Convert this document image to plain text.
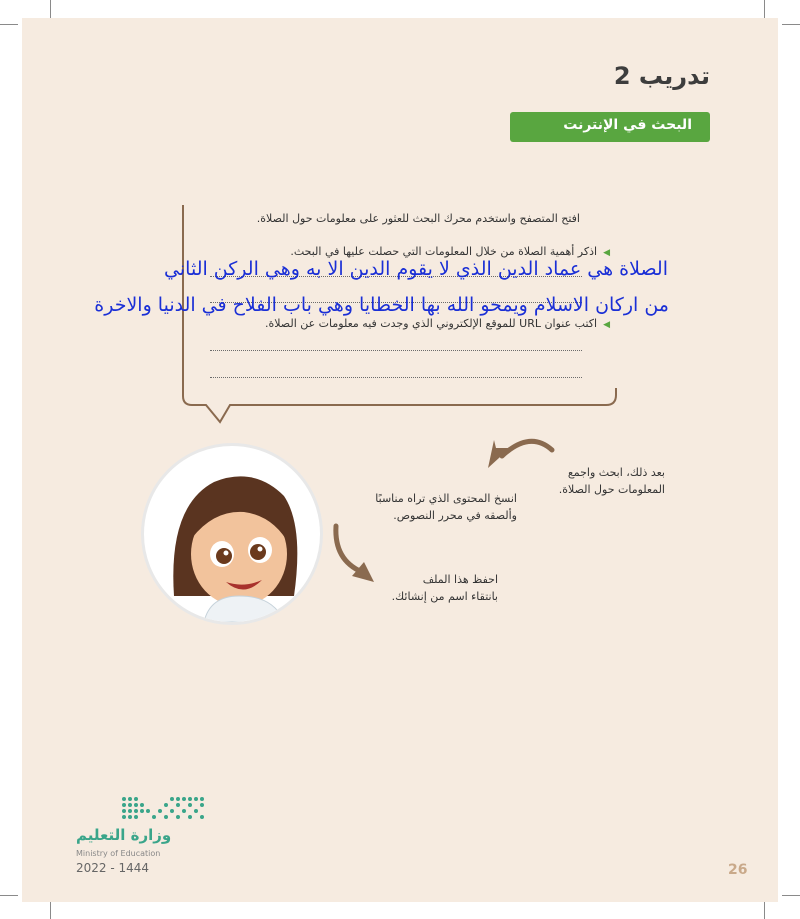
تدريب 2
البحث في الإنترنت
افتح المتصفح واستخدم محرك البحث للعثور على معلومات حول الصلاة.
◀اذكر أهمية الصلاة من خلال المعلومات التي حصلت عليها في البحث.
◀اكتب عنوان URL للموقع الإلكتروني الذي وجدت فيه معلومات عن الصلاة.
الصلاة هي عماد الدين الذي لا يقوم الدين الا به وهي الركن الثاني
من اركان الاسلام ويمحو الله بها الخطايا وهي باب الفلاح في الدنيا والاخرة
بعد ذلك، ابحث واجمع
المعلومات حول الصلاة.
انسخ المحتوى الذي تراه مناسبًا
وألصقه في محرر النصوص.
احفظ هذا الملف
بانتقاء اسم من إنشائك.
وزارة التعليم
Ministry of Education
2022 - 1444	26
